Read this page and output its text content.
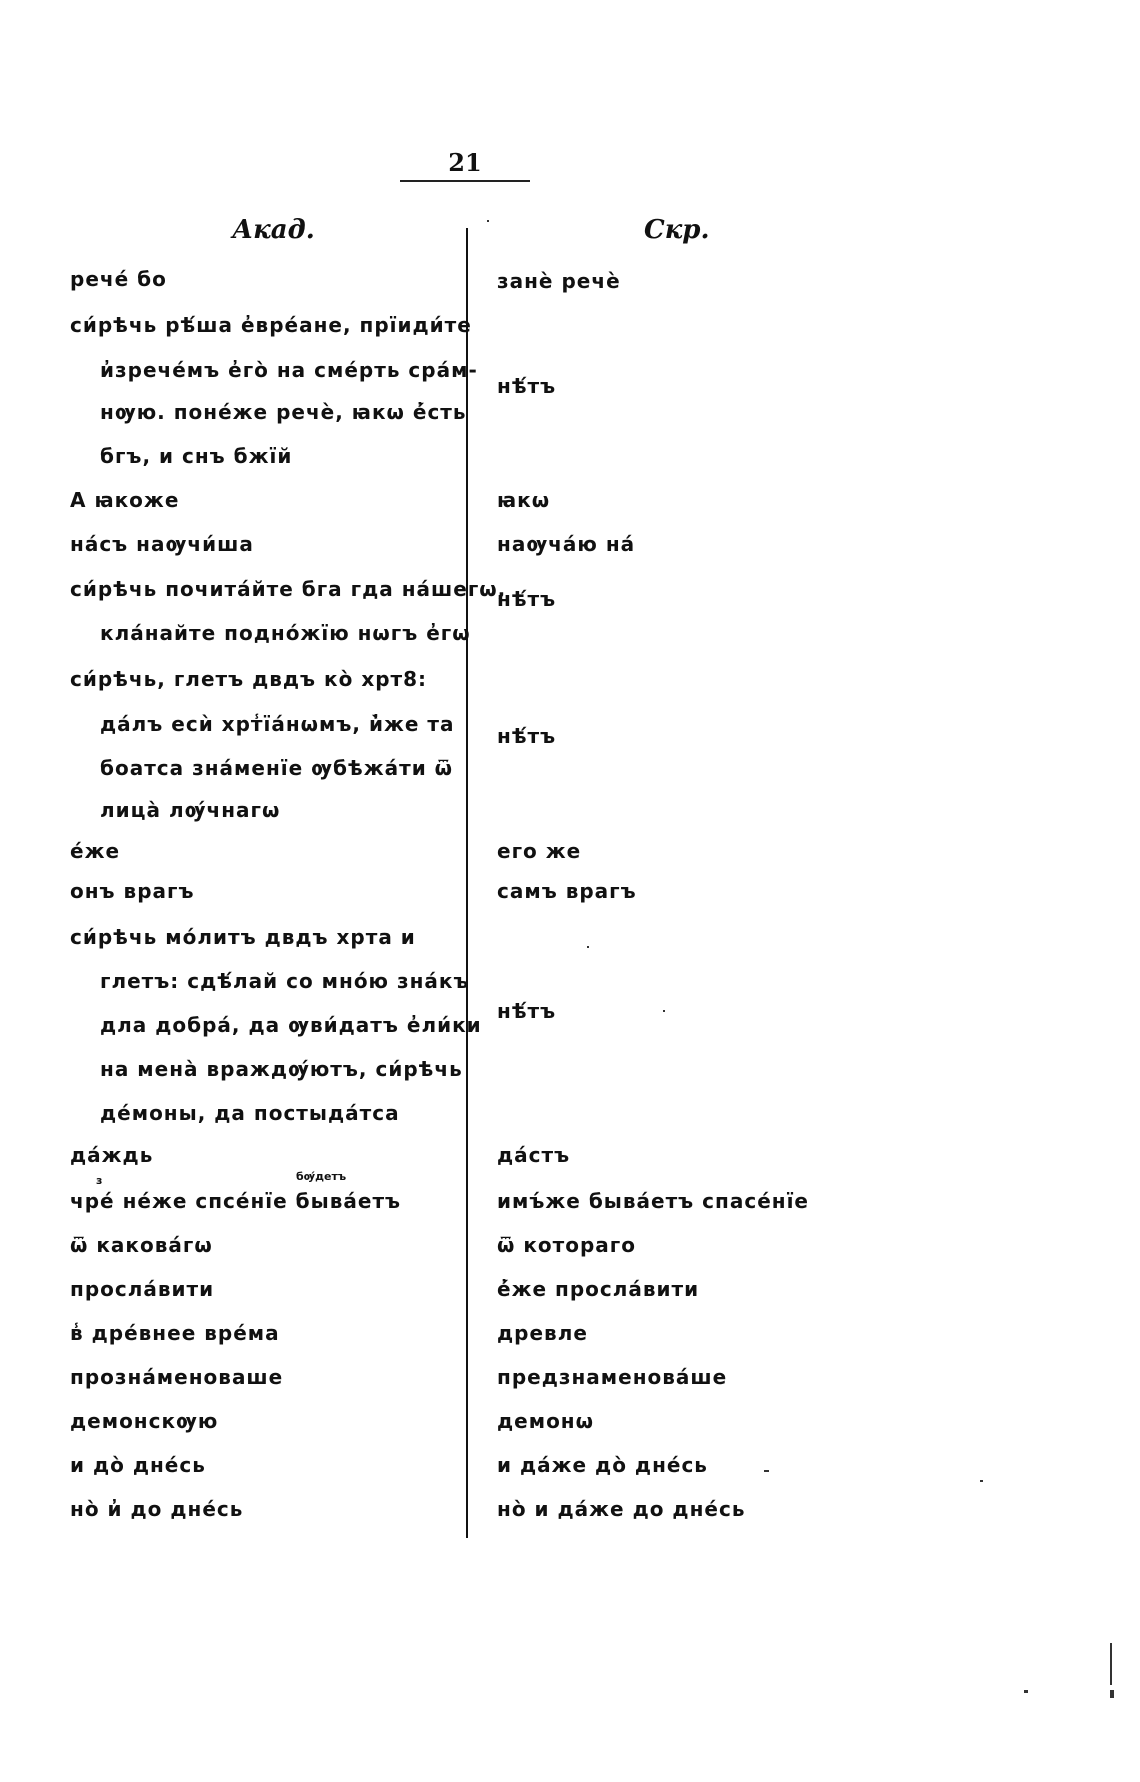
21
Акад.	Скр.
рече́ бо
си́рѣчь рѣ́ша е̓вре́ане, прїиди́те
и̓зрече́мъ е̓го̀ на сме́рть сра́м-
нѹю. поне́же речѐ, ꙗкѡ е̓́сть
бгъ, и снъ бжїй
А ꙗкоже
на́съ наѹчи́ша
си́рѣчь почита́йте бга гда на́шегѡ,
кла́найте подно́жїю нѡгъ е̓гѡ
си́рѣчь, глетъ двдъ ко̀ хрт8:
да́лъ есѝ хрт̾їа́нѡмъ, и̓̀же та
боатса зна́менїе ѹбѣжа́ти ѿ
лица̀ лѹ́чнагѡ
е́же
онъ врагъ
си́рѣчь мо́литъ двдъ хрта и
глетъ: сдѣ́лай со мно́ю зна́къ
дла добра́, да ѹви́датъ е̓ли́ки
на мена̀ враждѹ́ютъ, си́рѣчь
де́моны, да постыда́тса
да́ждь
з	бѹ́детъ
чре́ не́же спсе́нїе быва́етъ
ѿ какова́гѡ
просла́вити
в̾ дре́внее вре́ма
прозна́меноваше
демонскѹю
и до̀ дне́сь
но̀ и̓ до дне́сь
занѐ речѐ
нѣ́тъ
ꙗкѡ
наѹча́ю на́
нѣ́тъ
нѣ́тъ
его же
самъ врагъ
нѣ́тъ
да́стъ
имъ́же быва́етъ спасе́нїе
ѿ котораго
е̓́же просла́вити
древле
предзнаменова́ше
демонѡ
и да́же до̀ дне́сь
но̀ и да́же до дне́сь
